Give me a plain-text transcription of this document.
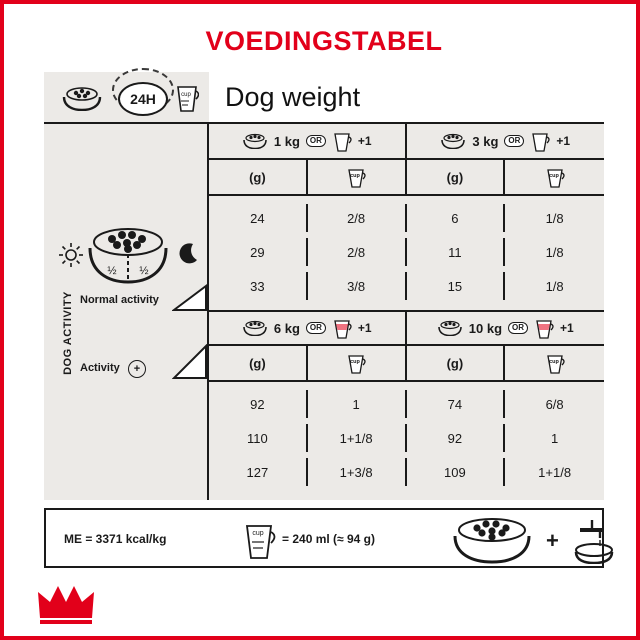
VOEDINGSTABEL
24H	cup
½ ½
DOG ACTIVITY Normal activity
Activity	+
Dog weight
1 kg	OR	+1	3 kg	OR	+1
(g)	cup	(g)	cup
24	2/8	6	1/8
29	2/8	11	1/8
33	3/8	15	1/8
6 kg	OR	+1	10 kg	OR	+1
(g)	cup	(g)	cup
92	1	74	6/8
110	1+1/8	92	1
127	1+3/8	109	1+1/8
ME = 3371 kcal/kg	cup = 240 ml (≈ 94 g)	+
